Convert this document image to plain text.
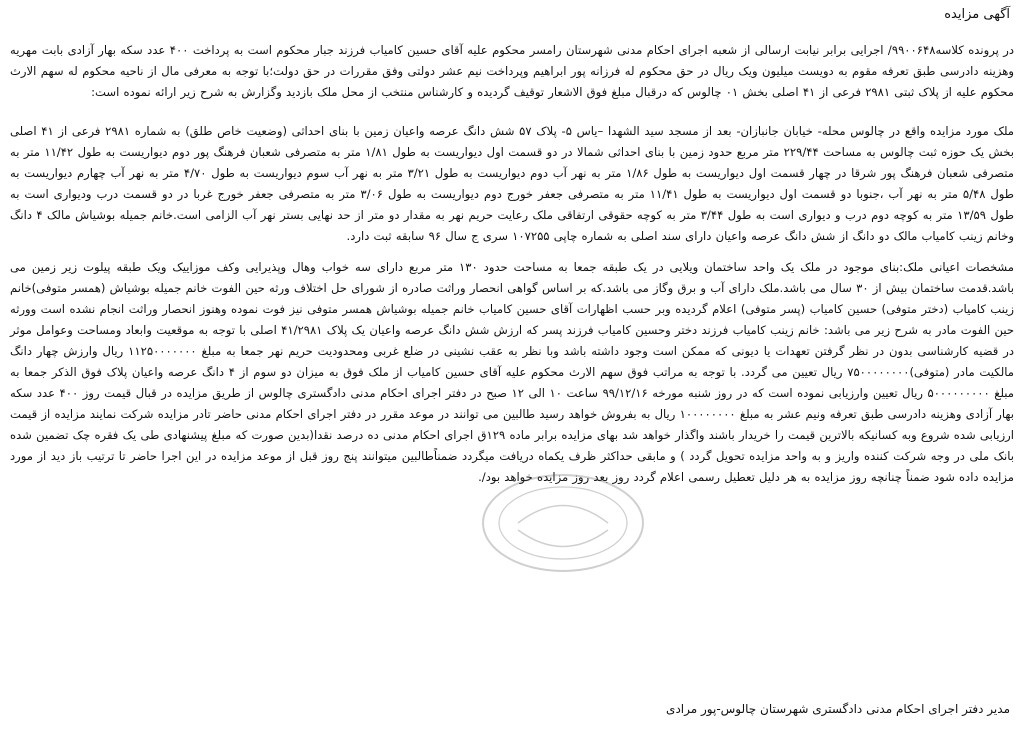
آگهی مزایده

در پرونده کلاسه۹۹۰۰۶۴۸/ اجرایی برابر نیابت ارسالی از شعبه اجرای احکام مدنی شهرستان رامسر محکوم علیه آقای حسین کامیاب فرزند جبار محکوم است به پرداخت ۴۰۰ عدد سکه بهار آزادی بابت مهریه وهزینه دادرسی طبق تعرفه مقوم به دویست میلیون ویک ریال در حق محکوم له فرزانه پور ابراهیم وپرداخت نیم عشر دولتی وفق مقررات در حق دولت؛با توجه به معرفی مال از ناحیه محکوم له سهم الارث محکوم علیه از پلاک ثبتی ۲۹۸۱ فرعی از ۴۱ اصلی بخش ۰۱ چالوس که درقبال مبلغ فوق الاشعار توقیف گردیده و کارشناس منتخب از محل ملک بازدید وگزارش به شرح زیر ارائه نموده است:

ملک مورد مزایده واقع در چالوس محله- خیابان جانبازان- بعد از مسجد سید الشهدا –یاس ۵- پلاک ۵۷ شش دانگ عرصه واعیان زمین با بنای احداثی (وضعیت خاص طلق) به شماره ۲۹۸۱ فرعی از ۴۱ اصلی بخش یک حوزه ثبت چالوس به مساحت ۲۲۹/۴۴ متر مربع حدود زمین با بنای احداثی شمالا در دو قسمت اول دیواریست به طول ۱/۸۱ متر به متصرفی شعبان فرهنگ پور دوم دیواریست به طول ۱۱/۴۲ متر به متصرفی شعبان فرهنگ پور شرقا در چهار قسمت اول دیواریست به طول ۱/۸۶ متر به نهر آب دوم دیواریست به طول ۳/۲۱ متر به نهر آب سوم دیواریست به طول ۴/۷۰ متر به نهر آب چهارم دیواریست به طول ۵/۴۸ متر به نهر آب ،جنوبا دو قسمت اول دیواریست به طول ۱۱/۴۱ متر به متصرفی جعفر خورج دوم دیواریست به طول ۳/۰۶ متر به متصرفی جعفر خورج غربا در دو قسمت درب ودیواری است به طول ۱۳/۵۹ متر به کوچه دوم درب و دیواری است به طول ۳/۴۴ متر به کوچه حقوقی ارتفاقی ملک رعایت حریم نهر به مقدار دو متر از حد نهایی بستر نهر آب الزامی است.خانم جمیله بوشیاش مالک ۴ دانگ وخانم زینب کامیاب مالک دو دانگ از شش دانگ عرصه واعیان دارای سند اصلی به شماره چاپی ۱۰۷۲۵۵ سری ج سال ۹۶ سابقه ثبت دارد.

مشخصات اعیانی ملک:بنای موجود در ملک یک واحد ساختمان ویلایی در یک طبقه جمعا به مساحت حدود ۱۳۰ متر مربع دارای سه خواب وهال وپذیرایی وکف موزاییک ویک طبقه پیلوت زیر زمین می باشد.قدمت ساختمان بیش از ۳۰ سال می باشد.ملک دارای آب و برق وگاز می باشد.که بر اساس گواهی انحصار وراثت صادره از شورای حل اختلاف ورثه حین الفوت خانم جمیله بوشیاش (همسر متوفی)خانم زینب کامیاب (دختر متوفی) حسین کامیاب (پسر متوفی) اعلام گردیده وبر حسب اظهارات آقای حسین کامیاب خانم جمیله بوشیاش همسر متوفی نیز فوت نموده وهنوز انحصار وراثت انجام نشده است وورثه حین الفوت مادر به شرح زیر می باشد: خانم زینب کامیاب فرزند دختر وحسین کامیاب فرزند پسر که ارزش شش دانگ عرصه واعیان یک پلاک ۴۱/۲۹۸۱ اصلی با توجه به موقعیت وابعاد ومساحت وعوامل موثر در قضیه کارشناسی بدون در نظر گرفتن تعهدات یا دیونی که ممکن است وجود داشته باشد وبا نظر به عقب نشینی در ضلع غربی ومحدودیت حریم نهر جمعا به مبلغ ۱۱۲۵۰۰۰۰۰۰۰ ریال وارزش چهار دانگ مالکیت مادر (متوفی)۷۵۰۰۰۰۰۰۰۰ ریال تعیین می گردد. با توجه به مراتب فوق سهم الارث محکوم علیه آقای حسین کامیاب از ملک فوق به میزان دو سوم از ۴ دانگ عرصه واعیان پلاک فوق الذکر جمعا به مبلغ ۵۰۰۰۰۰۰۰۰۰ ریال تعیین وارزیابی نموده است که در روز شنبه مورخه ۹۹/۱۲/۱۶ ساعت ۱۰ الی ۱۲ صبح در دفتر اجرای احکام مدنی دادگستری چالوس از طریق مزایده در قبال قیمت روز ۴۰۰ عدد سکه بهار آزادی وهزینه دادرسی طبق تعرفه ونیم عشر به مبلغ ۱۰۰۰۰۰۰۰۰ ریال به بفروش خواهد رسید طالبین می توانند در موعد مقرر در دفتر اجرای احکام مدنی حاضر تادر مزایده شرکت نمایند مزایده از قیمت ارزیابی شده شروع وبه کسانیکه بالاترین قیمت را خریدار باشند واگذار خواهد شد بهای مزایده برابر ماده ۱۲۹ق اجرای احکام مدنی ده درصد نقدا(بدین صورت که مبلغ پیشنهادی طی یک فقره چک تضمین شده بانک ملی در وجه شرکت کننده واریز و به واحد مزایده تحویل گردد ) و مابقی حداکثر ظرف یکماه دریافت میگردد ضمناًطالبین میتوانند پنج روز قبل از موعد مزایده در این اجرا حاضر تا ترتیب باز دید از مورد مزایده داده شود ضمناً چنانچه روز مزایده به هر دلیل تعطیل رسمی اعلام گردد روز بعد روز مزایده خواهد بود/.

مدیر دفتر اجرای احکام مدنی دادگستری شهرستان چالوس-پور مرادی
